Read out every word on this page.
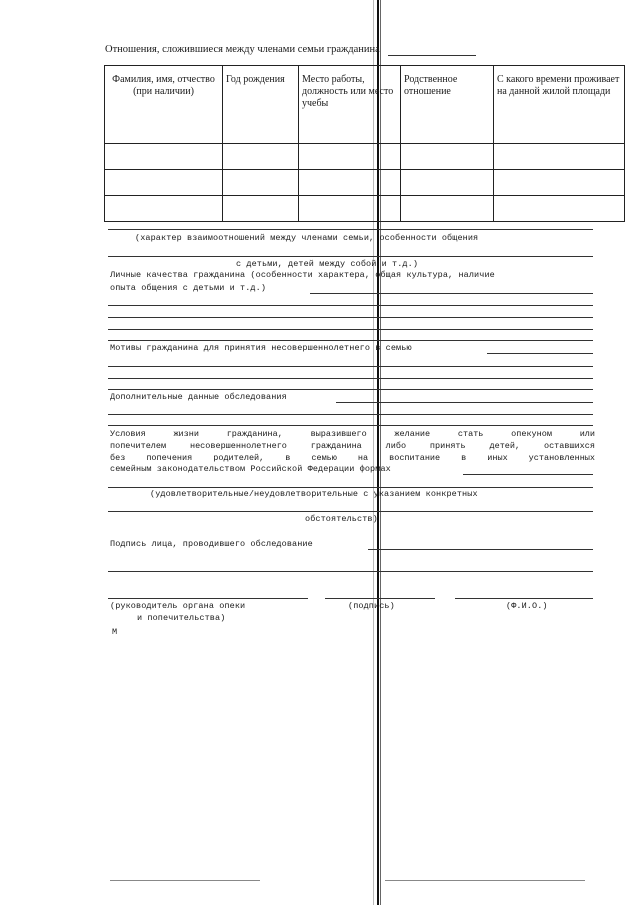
Отношения, сложившиеся между членами семьи гражданина
Фамилия, имя, отчество (при наличии)	Год рождения	Место работы, должность или место учебы	Родственное отношение	С какого времени проживает на данной жилой площади

(характер взаимоотношений между членами семьи, особенности общения
с детьми, детей между собой и т.д.)
Личные качества гражданина (особенности характера, общая культура, наличие
опыта общения с детьми и т.д.)
Мотивы гражданина для принятия несовершеннолетнего в семью
Дополнительные данные обследования
Условия жизни гражданина, выразившего желание стать опекуном или
попечителем несовершеннолетнего гражданина либо принять детей, оставшихся
без попечения родителей, в семью на воспитание в иных установленных
семейным законодательством Российской Федерации формах
(удовлетворительные/неудовлетворительные с указанием конкретных
обстоятельств)
Подпись лица, проводившего обследование
(руководитель органа опеки
и попечительства)
(подпись)	(Ф.И.О.)
М
